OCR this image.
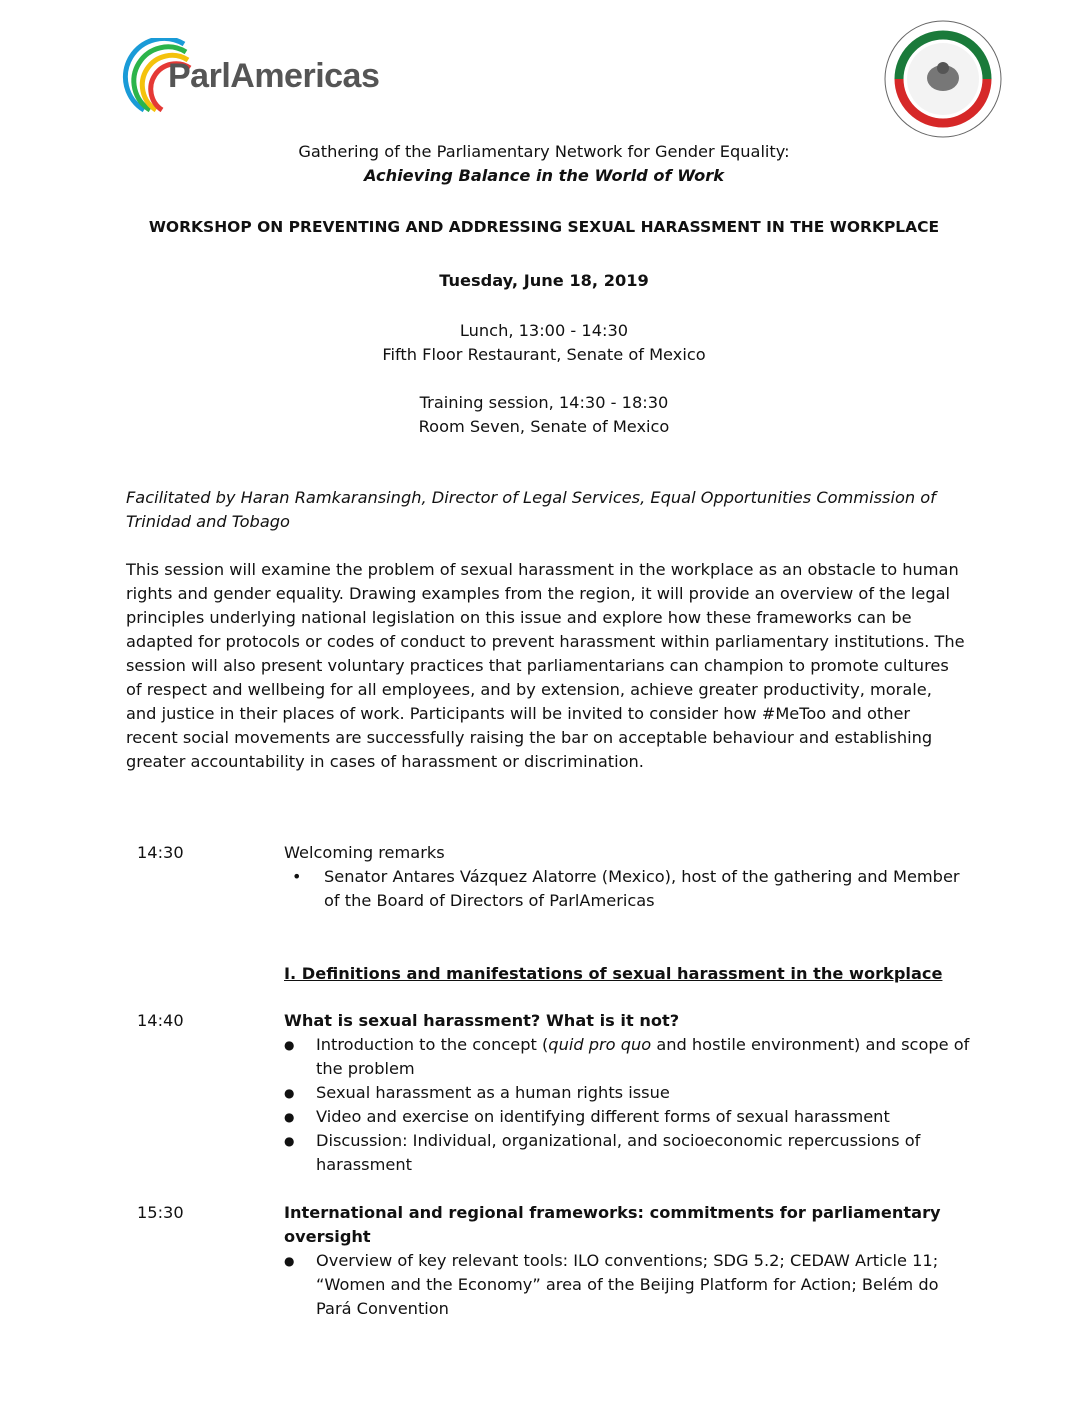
ParlAmericas
Gathering of the Parliamentary Network for Gender Equality:
Achieving Balance in the World of Work
WORKSHOP ON PREVENTING AND ADDRESSING SEXUAL HARASSMENT IN THE WORKPLACE
Tuesday, June 18, 2019
Lunch, 13:00 - 14:30
Fifth Floor Restaurant, Senate of Mexico
Training session, 14:30 - 18:30
Room Seven, Senate of Mexico
Facilitated by Haran Ramkaransingh, Director of Legal Services, Equal Opportunities Commission of Trinidad and Tobago
This session will examine the problem of sexual harassment in the workplace as an obstacle to human rights and gender equality. Drawing examples from the region, it will provide an overview of the legal principles underlying national legislation on this issue and explore how these frameworks can be adapted for protocols or codes of conduct to prevent harassment within parliamentary institutions. The session will also present voluntary practices that parliamentarians can champion to promote cultures of respect and wellbeing for all employees, and by extension, achieve greater productivity, morale, and justice in their places of work. Participants will be invited to consider how #MeToo and other recent social movements are successfully raising the bar on acceptable behaviour and establishing greater accountability in cases of harassment or discrimination.
14:30	Welcoming remarks
• Senator Antares Vázquez Alatorre (Mexico), host of the gathering and Member of the Board of Directors of ParlAmericas
I. Definitions and manifestations of sexual harassment in the workplace
14:40	What is sexual harassment? What is it not?
● Introduction to the concept (quid pro quo and hostile environment) and scope of the problem
● Sexual harassment as a human rights issue
● Video and exercise on identifying different forms of sexual harassment
● Discussion: Individual, organizational, and socioeconomic repercussions of harassment
15:30	International and regional frameworks: commitments for parliamentary oversight
● Overview of key relevant tools: ILO conventions; SDG 5.2; CEDAW Article 11; “Women and the Economy” area of the Beijing Platform for Action; Belém do Pará Convention
